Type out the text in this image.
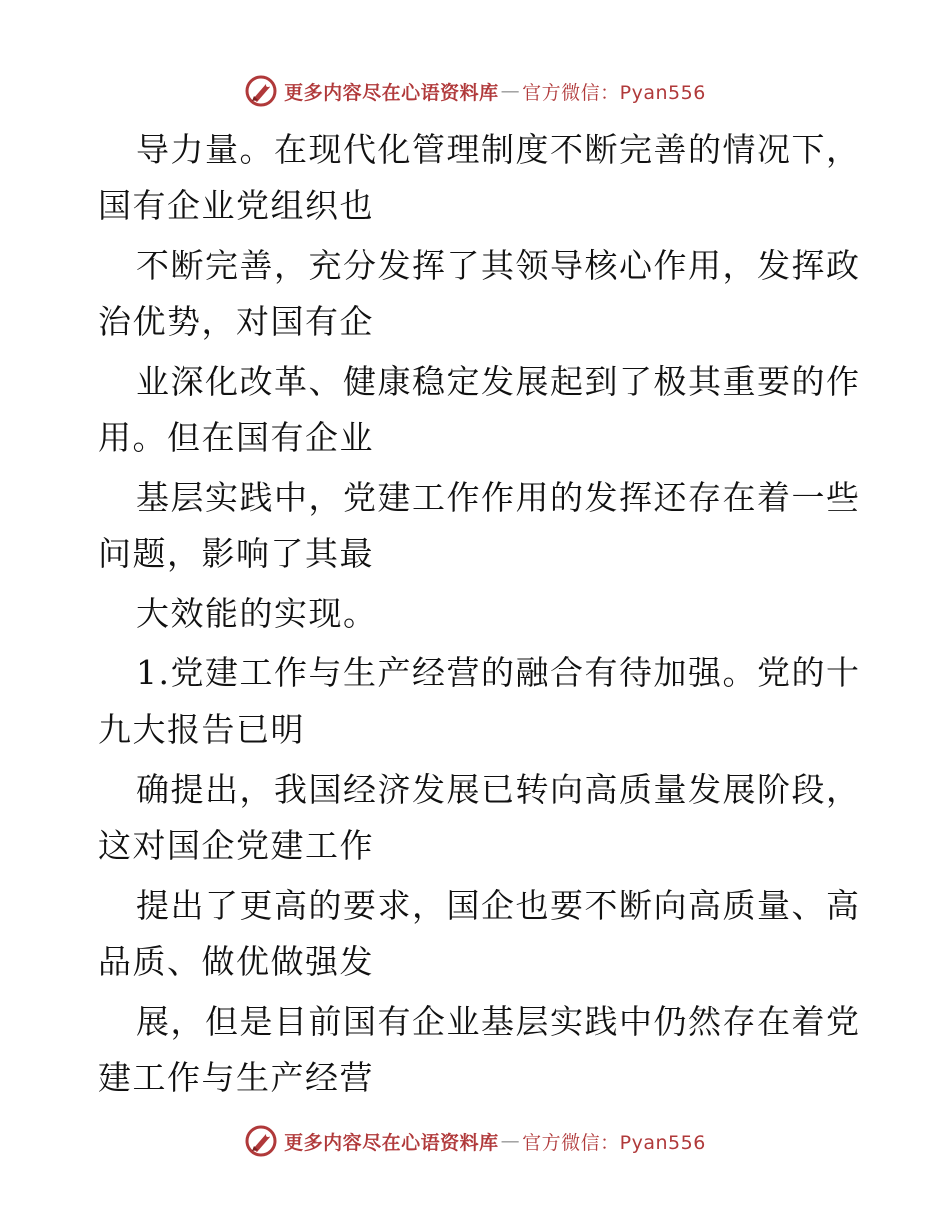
更多内容尽在心语资料库 — 官方微信：Pyan556
导力量。在现代化管理制度不断完善的情况下，
国有企业党组织也
不断完善，充分发挥了其领导核心作用，发挥政
治优势，对国有企
业深化改革、健康稳定发展起到了极其重要的作
用。但在国有企业
基层实践中，党建工作作用的发挥还存在着一些
问题，影响了其最
大效能的实现。
1.党建工作与生产经营的融合有待加强。党的十
九大报告已明
确提出，我国经济发展已转向高质量发展阶段，
这对国企党建工作
提出了更高的要求，国企也要不断向高质量、高
品质、做优做强发
展，但是目前国有企业基层实践中仍然存在着党
建工作与生产经营
更多内容尽在心语资料库 — 官方微信：Pyan556
